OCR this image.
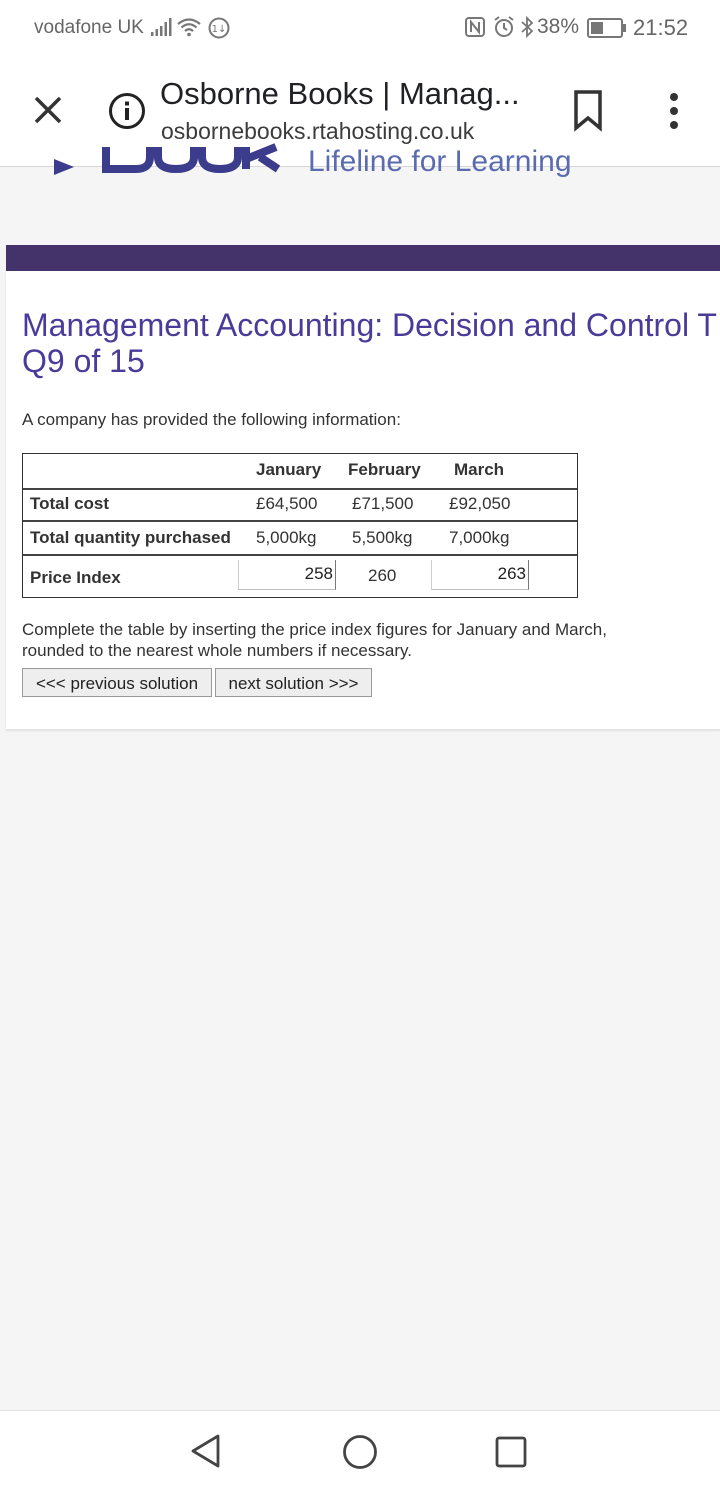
vodafone UK	1↓	38% 21:52
Osborne Books | Manag...
osbornebooks.rtahosting.co.uk
Lifeline for Learning
Management Accounting: Decision and Control T
Q9 of 15
A company has provided the following information:
January February March
Total cost	£64,500 £71,500 £92,050
Total quantity purchased 5,000kg 5,500kg 7,000kg
Price Index	258 260	263
Complete the table by inserting the price index figures for January and March, rounded to the nearest whole numbers if necessary.
<<< previous solution	next solution >>>
